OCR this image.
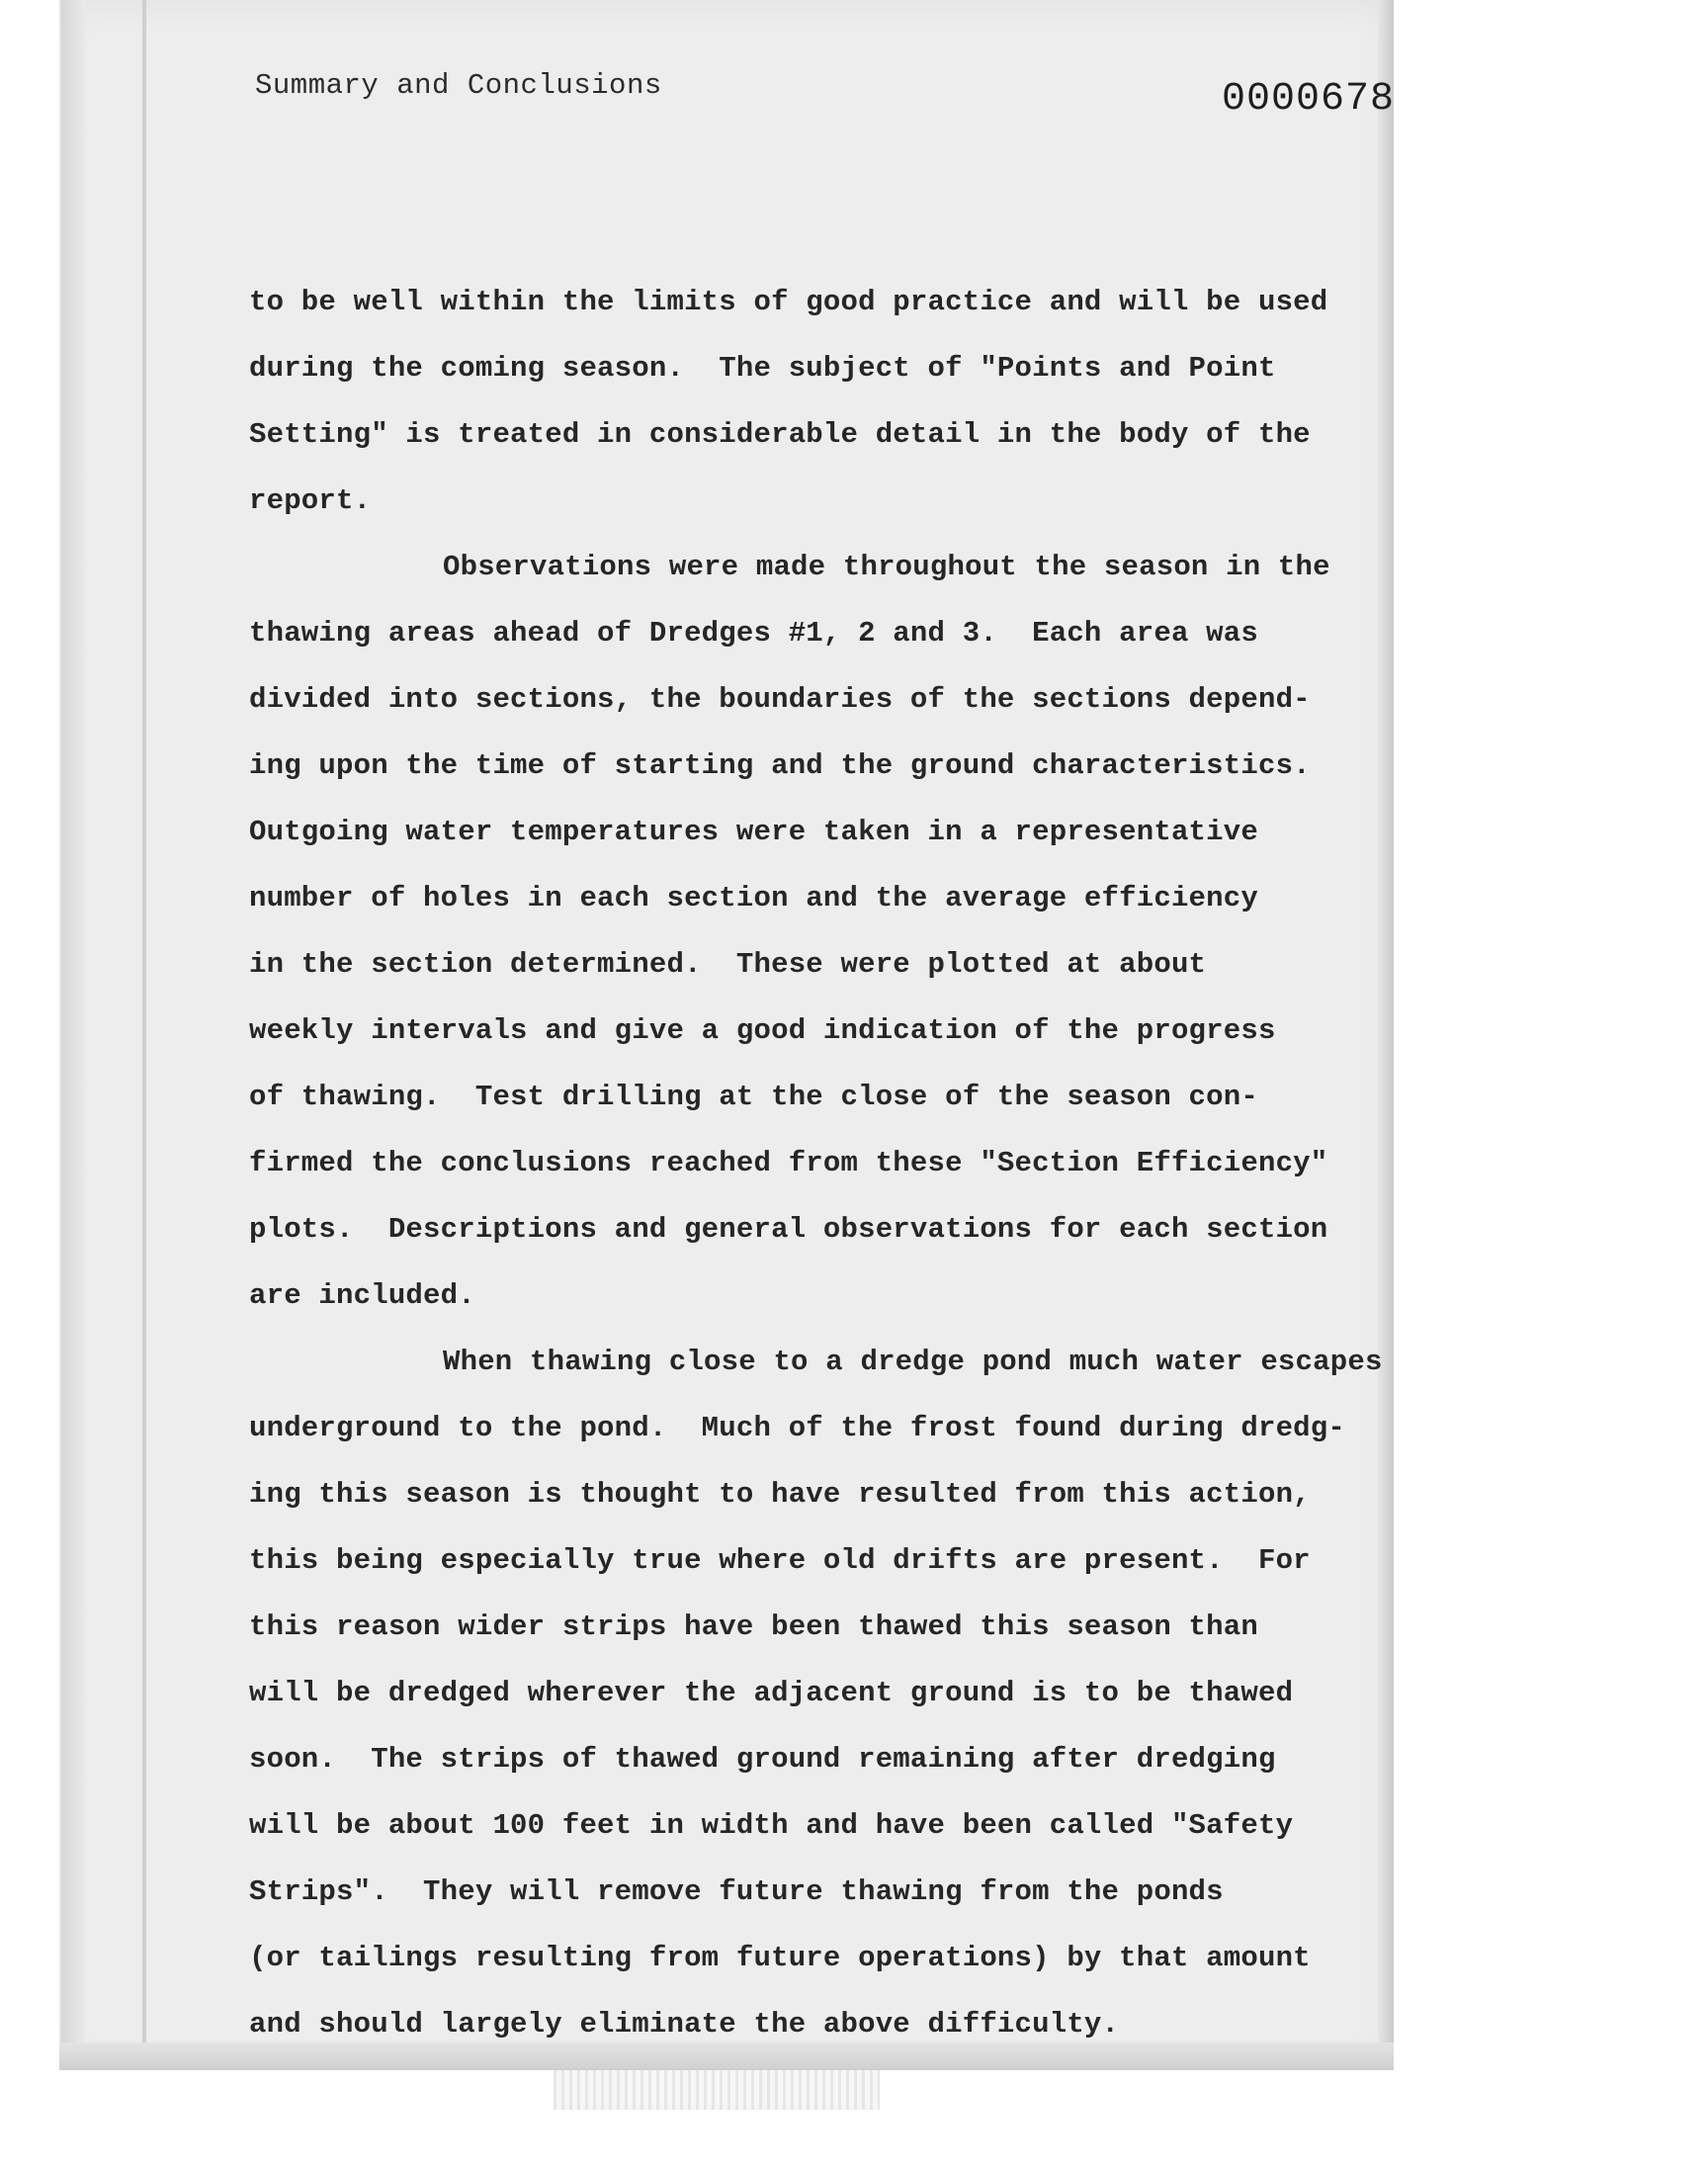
Summary and Conclusions	0000678
to be well within the limits of good practice and will be used
during the coming season.  The subject of "Points and Point
Setting" is treated in considerable detail in the body of the
report.
Observations were made throughout the season in the
thawing areas ahead of Dredges #1, 2 and 3.  Each area was
divided into sections, the boundaries of the sections depend-
ing upon the time of starting and the ground characteristics.
Outgoing water temperatures were taken in a representative
number of holes in each section and the average efficiency
in the section determined.  These were plotted at about
weekly intervals and give a good indication of the progress
of thawing.  Test drilling at the close of the season con-
firmed the conclusions reached from these "Section Efficiency"
plots.  Descriptions and general observations for each section
are included.
When thawing close to a dredge pond much water escapes
underground to the pond.  Much of the frost found during dredg-
ing this season is thought to have resulted from this action,
this being especially true where old drifts are present.  For
this reason wider strips have been thawed this season than
will be dredged wherever the adjacent ground is to be thawed
soon.  The strips of thawed ground remaining after dredging
will be about 100 feet in width and have been called "Safety
Strips".  They will remove future thawing from the ponds
(or tailings resulting from future operations) by that amount
and should largely eliminate the above difficulty.
